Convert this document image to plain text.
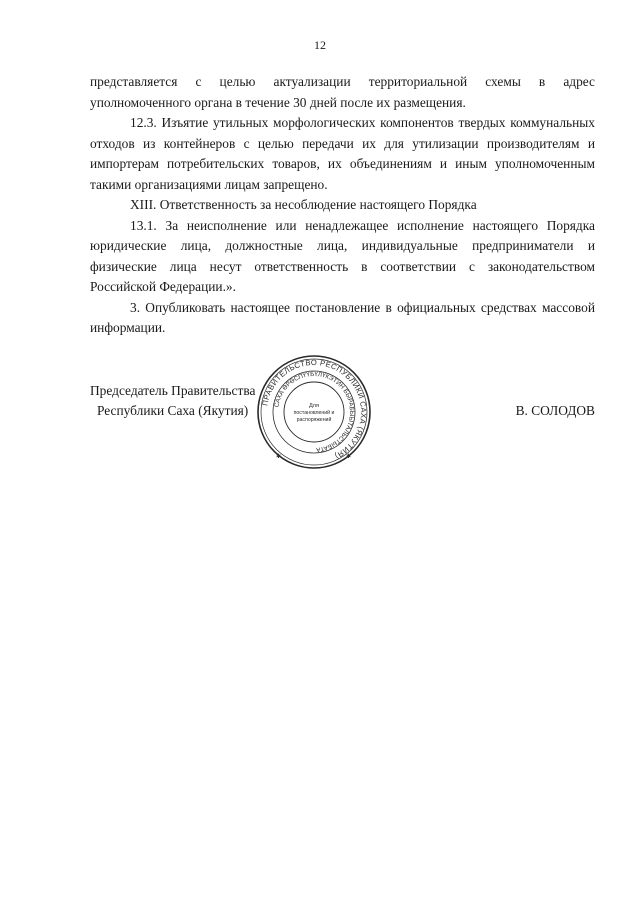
12

представляется с целью актуализации территориальной схемы в адрес уполномоченного органа в течение 30 дней после их размещения.

12.3. Изъятие утильных морфологических компонентов твердых коммунальных отходов из контейнеров с целью передачи их для утилизации производителям и импортерам потребительских товаров, их объединениям и иным уполномоченным такими организациями лицам запрещено.

XIII. Ответственность за несоблюдение настоящего Порядка

13.1. За неисполнение или ненадлежащее исполнение настоящего Порядка юридические лица, должностные лица, индивидуальные предприниматели и физические лица несут ответственность в соответствии с законодательством Российской Федерации.».

3. Опубликовать настоящее постановление в официальных средствах массовой информации.

Председатель Правительства
Республики Саха (Якутия)	В. СОЛОДОВ
ПРАВИТЕЛЬСТВО РЕСПУБЛИКИ САХА (ЯКУТИЯ)
САХА ӨРӨСПҮҮБҮЛҮКЭТИН БЫРАБЫЫТАЛЬСТЫБАТА
Для
постановлений и
распоряжений
✱	✱
